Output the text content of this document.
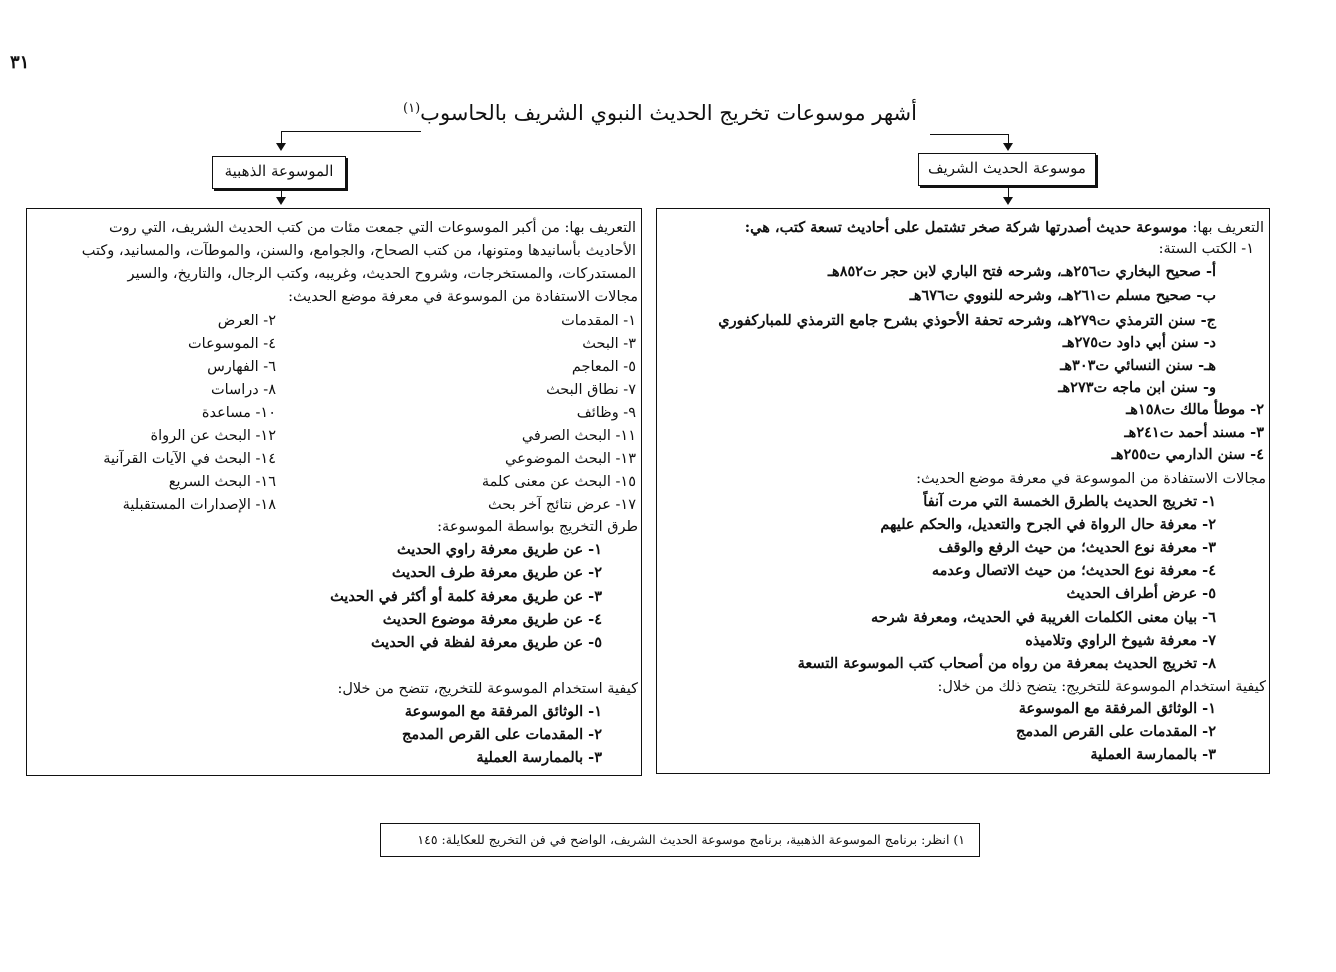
٣١
أشهر موسوعات تخريج الحديث النبوي الشريف بالحاسوب$^{(١)}$
موسوعة الحديث الشريف
الموسوعة الذهبية
التعريف بها: موسوعة حديث أصدرتها شركة صخر تشتمل على أحاديث تسعة كتب، هي:
١- الكتب الستة:
أ- صحيح البخاري ت٢٥٦هـ، وشرحه فتح الباري لابن حجر ت٨٥٢هـ
ب- صحيح مسلم ت٢٦١هـ، وشرحه للنووي ت٦٧٦هـ
ج- سنن الترمذي ت٢٧٩هـ، وشرحه تحفة الأحوذي بشرح جامع الترمذي للمباركفوري
د- سنن أبي داود ت٢٧٥هـ
هـ- سنن النسائي ت٣٠٣هـ
و- سنن ابن ماجه ت٢٧٣هـ
٢- موطأ مالك ت١٥٨هـ
٣- مسند أحمد ت٢٤١هـ
٤- سنن الدارمي ت٢٥٥هـ
مجالات الاستفادة من الموسوعة في معرفة موضع الحديث:
١- تخريج الحديث بالطرق الخمسة التي مرت آنفاً
٢- معرفة حال الرواة في الجرح والتعديل، والحكم عليهم
٣- معرفة نوع الحديث؛ من حيث الرفع والوقف
٤- معرفة نوع الحديث؛ من حيث الاتصال وعدمه
٥- عرض أطراف الحديث
٦- بيان معنى الكلمات الغريبة في الحديث، ومعرفة شرحه
٧- معرفة شيوخ الراوي وتلاميذه
٨- تخريج الحديث بمعرفة من رواه من أصحاب كتب الموسوعة التسعة
كيفية استخدام الموسوعة للتخريج: يتضح ذلك من خلال:
١- الوثائق المرفقة مع الموسوعة
٢- المقدمات على القرص المدمج
٣- بالممارسة العملية
التعريف بها: من أكبر الموسوعات التي جمعت مئات من كتب الحديث الشريف، التي روت
الأحاديث بأسانيدها ومتونها، من كتب الصحاح، والجوامع، والسنن، والموطآت، والمسانيد، وكتب
المستدركات، والمستخرجات، وشروح الحديث، وغريبه، وكتب الرجال، والتاريخ، والسير
مجالات الاستفادة من الموسوعة في معرفة موضع الحديث:
١- المقدمات
٣- البحث
٥- المعاجم
٧- نطاق البحث
٩- وظائف
١١- البحث الصرفي
١٣- البحث الموضوعي
١٥- البحث عن معنى كلمة
١٧- عرض نتائج آخر بحث
٢- العرض
٤- الموسوعات
٦- الفهارس
٨- دراسات
١٠- مساعدة
١٢- البحث عن الرواة
١٤- البحث في الآيات القرآنية
١٦- البحث السريع
١٨- الإصدارات المستقبلية
طرق التخريج بواسطة الموسوعة:
١- عن طريق معرفة راوي الحديث
٢- عن طريق معرفة طرف الحديث
٣- عن طريق معرفة كلمة أو أكثر في الحديث
٤- عن طريق معرفة موضوع الحديث
٥- عن طريق معرفة لفظة في الحديث
كيفية استخدام الموسوعة للتخريج، تتضح من خلال:
١- الوثائق المرفقة مع الموسوعة
٢- المقدمات على القرص المدمج
٣- بالممارسة العملية
١) انظر: برنامج الموسوعة الذهبية، برنامج موسوعة الحديث الشريف، الواضح في فن التخريج للعكايلة: ١٤٥
